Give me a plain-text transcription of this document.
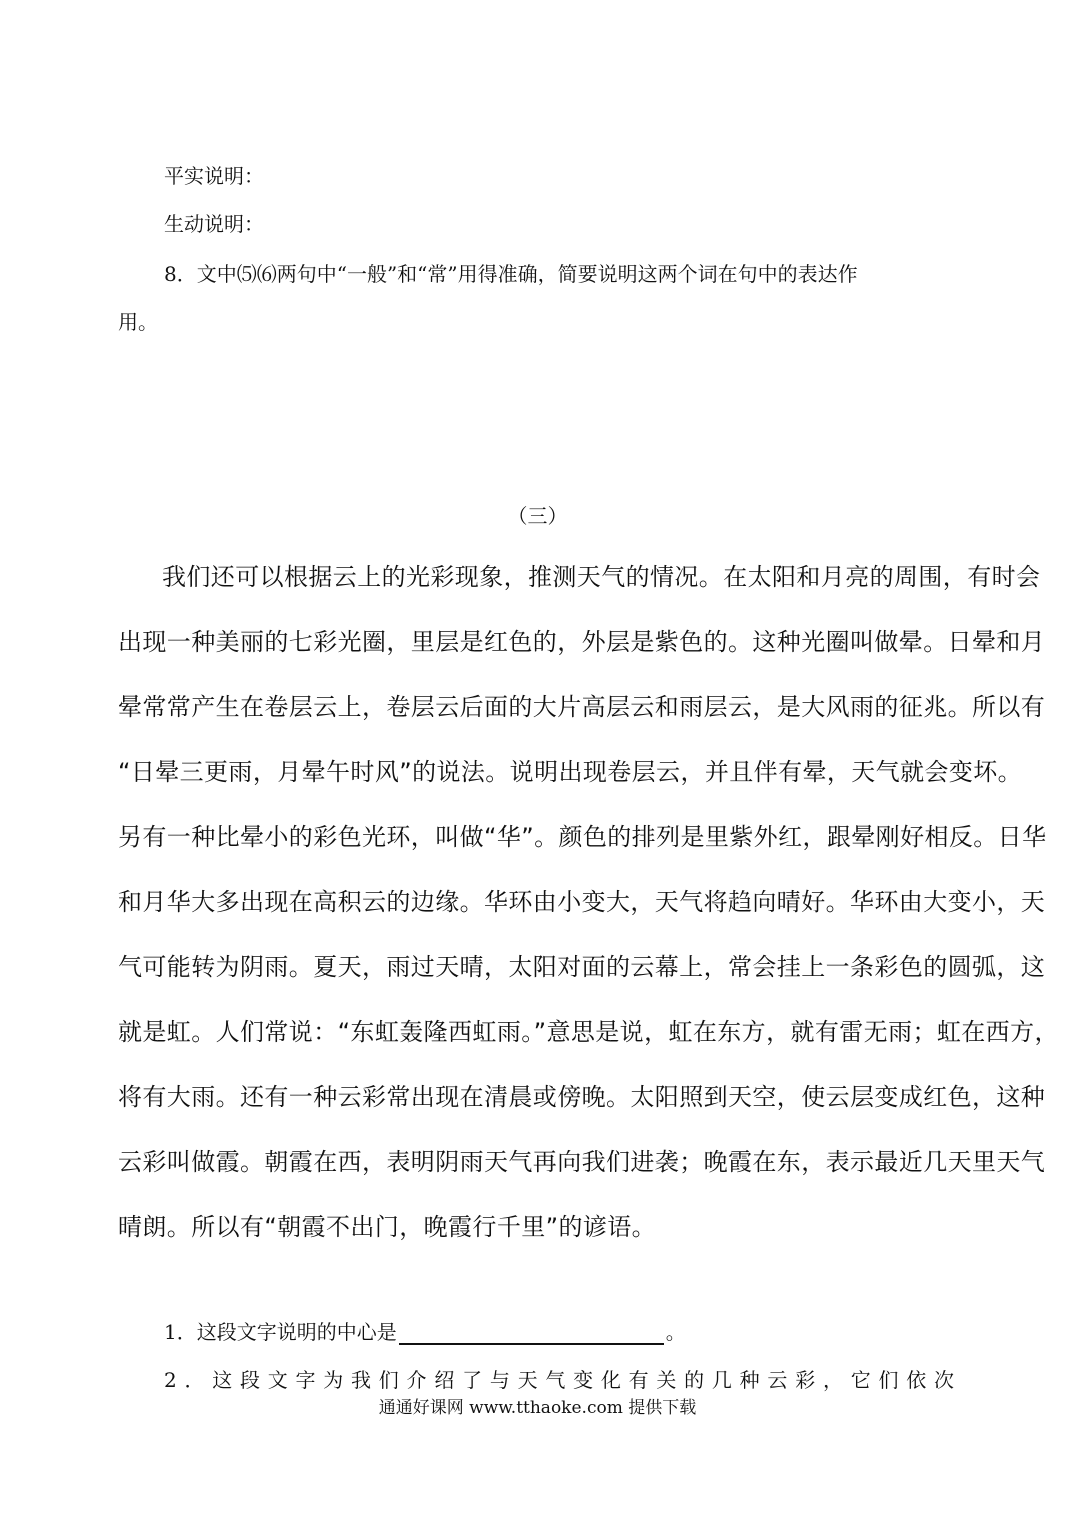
平实说明：
生动说明：
8．文中⑸⑹两句中“一般”和“常”用得准确，简要说明这两个词在句中的表达作
用。
（三）
我们还可以根据云上的光彩现象，推测天气的情况。在太阳和月亮的周围，有时会
出现一种美丽的七彩光圈，里层是红色的，外层是紫色的。这种光圈叫做晕。日晕和月
晕常常产生在卷层云上，卷层云后面的大片高层云和雨层云，是大风雨的征兆。所以有
“日晕三更雨，月晕午时风”的说法。说明出现卷层云，并且伴有晕，天气就会变坏。
另有一种比晕小的彩色光环，叫做“华”。颜色的排列是里紫外红，跟晕刚好相反。日华
和月华大多出现在高积云的边缘。华环由小变大，天气将趋向晴好。华环由大变小，天
气可能转为阴雨。夏天，雨过天晴，太阳对面的云幕上，常会挂上一条彩色的圆弧，这
就是虹。人们常说：“东虹轰隆西虹雨。”意思是说，虹在东方，就有雷无雨；虹在西方，
将有大雨。还有一种云彩常出现在清晨或傍晚。太阳照到天空，使云层变成红色，这种
云彩叫做霞。朝霞在西，表明阴雨天气再向我们进袭；晚霞在东，表示最近几天里天气
晴朗。所以有“朝霞不出门，晚霞行千里”的谚语。
1．这段文字说明的中心是	。
2．这段文字为我们介绍了与天气变化有关的几种云彩，它们依次
通通好课网 www.tthaoke.com 提供下载
